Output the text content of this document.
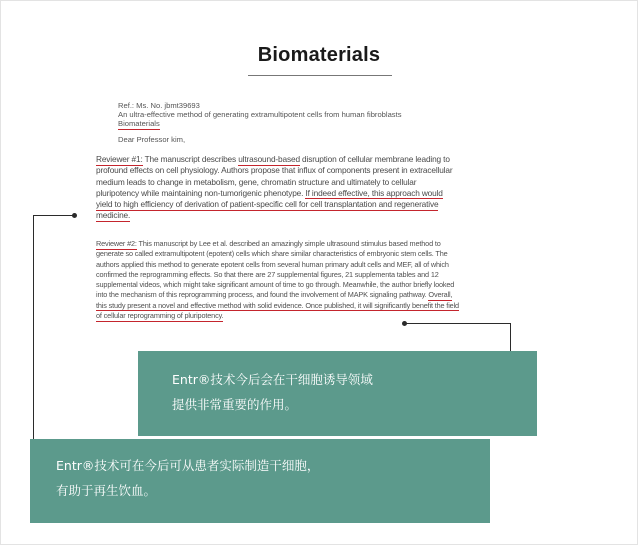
Biomaterials
Ref.: Ms. No. jbmt39693
An ultra-effective method of generating extramultipotent cells from human fibroblasts
Biomaterials
Dear Professor kim,
Reviewer #1: The manuscript describes ultrasound-based disruption of cellular membrane leading to profound effects on cell physiology. Authors propose that influx of components present in extracellular medium leads to change in metabolism, gene, chromatin structure and ultimately to cellular pluripotency while maintaining non-tumorigenic phenotype. If indeed effective, this approach would yield to high efficiency of derivation of patient-specific cell for cell transplantation and regenerative medicine.
Reviewer #2: This manuscript by Lee et al. described an amazingly simple ultrasound stimulus based method to generate so called extramultipotent (epotent) cells which share similar characteristics of embryonic stem cells. The authors applied this method to generate epotent cells from several human primary adult cells and MEF, all of which confirmed the reprogramming effects. So that there are 27 supplemental figures, 21 supplementa tables and 12 supplemental videos, which might take significant amount of time to go through. Meanwhile, the author briefly looked into the mechanism of this reprogramming process, and found the involvement of MAPK signaling pathway. Overall, this study present a novel and effective method with solid evidence. Once published, it will significantly benefit the field of cellular reprogramming of pluripotency.
Entr®技术今后会在干细胞诱导领域
提供非常重要的作用。
Entr®技术可在今后可从患者实际制造干细胞，
有助于再生饮血。
